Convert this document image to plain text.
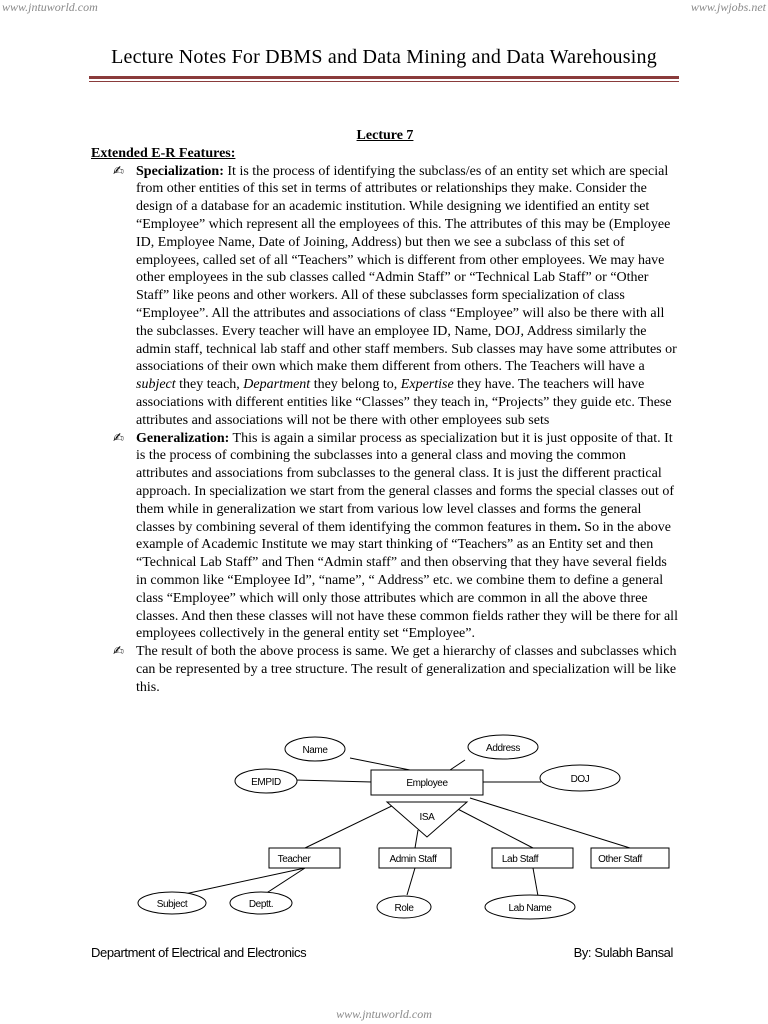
www.jntuworld.com	www.jwjobs.net
Lecture Notes For DBMS and Data Mining and Data Warehousing

Lecture 7

Extended E-R Features:

✍ Specialization: It is the process of identifying the subclass/es of an entity set which are special from other entities of this set in terms of attributes or relationships they make. Consider the design of a database for an academic institution. While designing we identified an entity set “Employee” which represent all the employees of this. The attributes of this may be (Employee ID, Employee Name, Date of Joining, Address) but then we see a subclass of this set of employees, called set of all “Teachers” which is different from other employees. We may have other employees in the sub classes called “Admin Staff” or “Technical Lab Staff” or “Other Staff” like peons and other workers. All of these subclasses form specialization of class “Employee”. All the attributes and associations of class “Employee” will also be there with all the subclasses. Every teacher will have an employee ID, Name, DOJ, Address similarly the admin staff, technical lab staff and other staff members. Sub classes may have some attributes or associations of their own which make them different from others. The Teachers will have a subject they teach, Department they belong to, Expertise they have. The teachers will have associations with different entities like “Classes” they teach in, “Projects” they guide etc. These attributes and associations will not be there with other employees sub sets
✍ Generalization: This is again a similar process as specialization but it is just opposite of that. It is the process of combining the subclasses into a general class and moving the common attributes and associations from subclasses to the general class. It is just the different practical approach. In specialization we start from the general classes and forms the special classes out of them while in generalization we start from various low level classes and forms the general classes by combining several of them identifying the common features in them. So in the above example of Academic Institute we may start thinking of “Teachers” as an Entity set and then “Technical Lab Staff” and Then “Admin staff” and then observing that they have several fields in common like “Employee Id”, “name”, “ Address” etc. we combine them to define a general class “Employee” which will only those attributes which are common in all the above three classes. And then these classes will not have these common fields rather they will be there for all employees collectively in the general entity set “Employee”.
✍ The result of both the above process is same. We get a hierarchy of classes and subclasses which can be represented by a tree structure. The result of generalization and specialization will be like this.
Name	Address
EMPID	DOJ
Employee
ISA
Teacher	Admin Staff	Lab Staff	Other Staff
Subject	Deptt.	Role	Lab Name
Department of Electrical and Electronics	By: Sulabh Bansal
www.jntuworld.com
